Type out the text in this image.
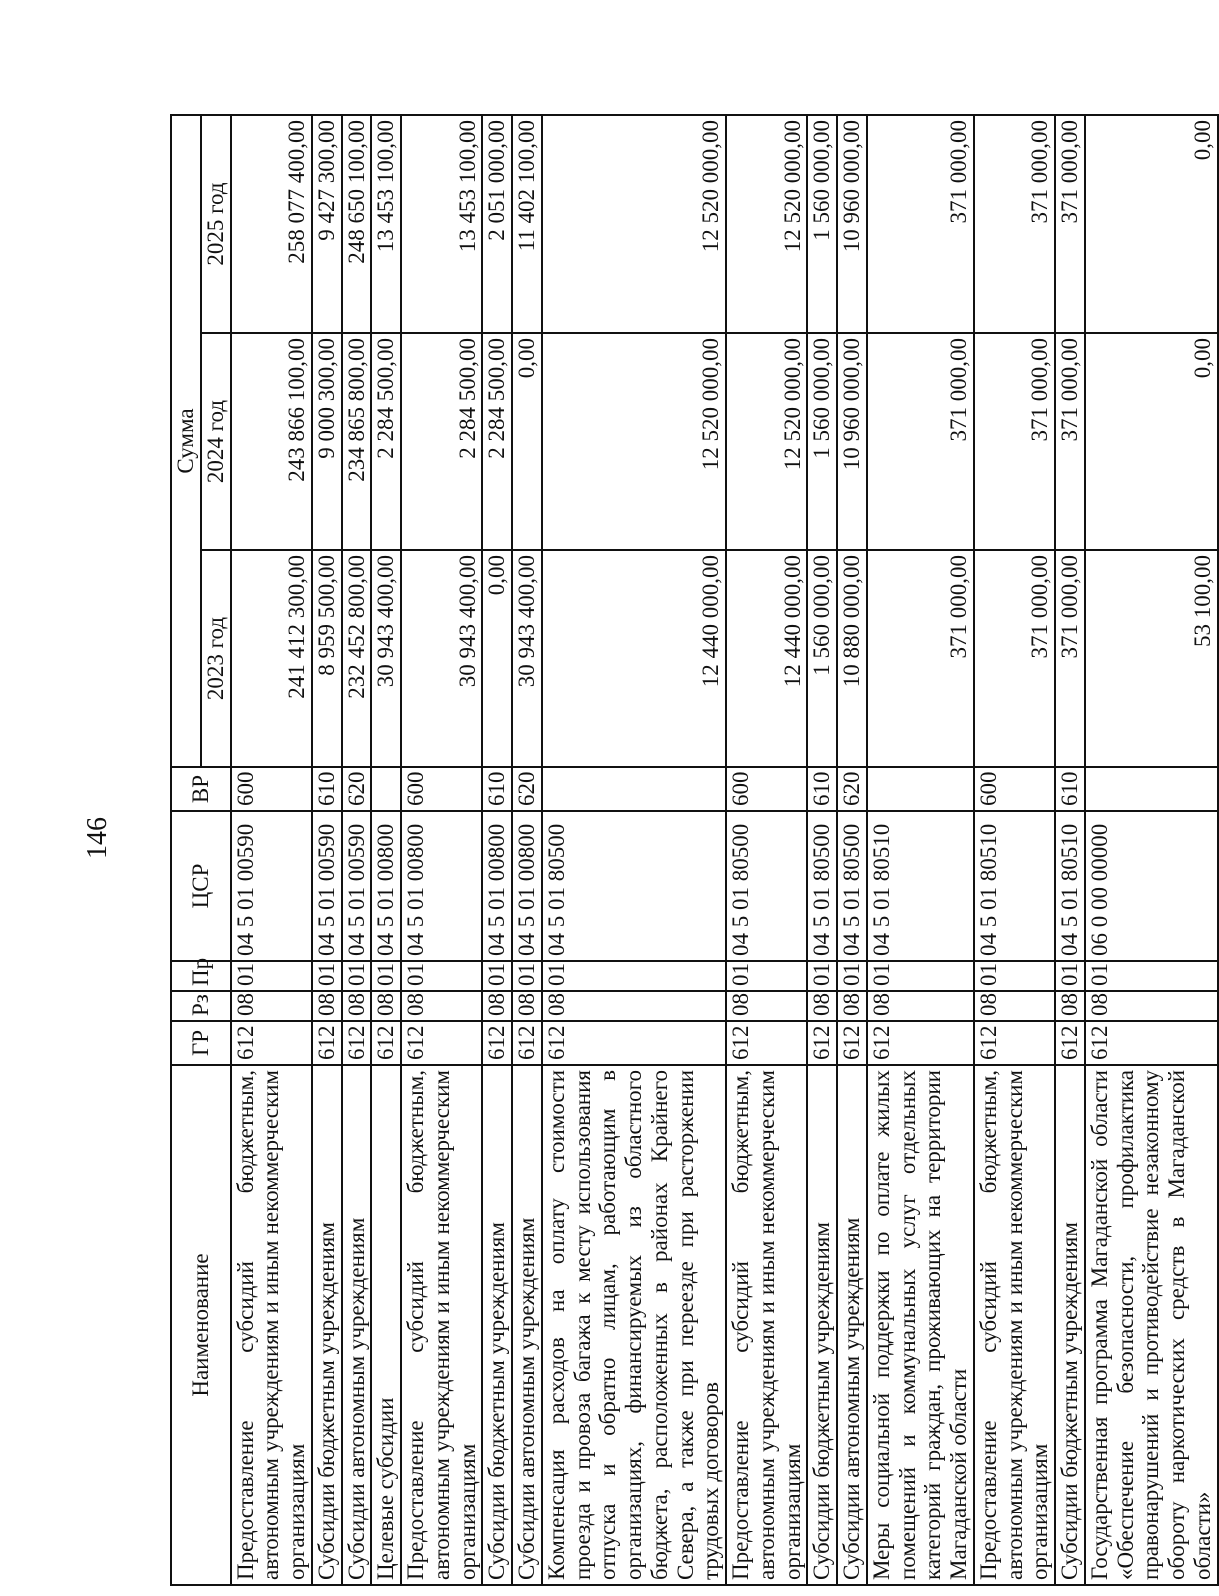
146
Наименование	ГР	Рз	Пр	ЦСР	ВР	Сумма		
						2023 год	2024 год	2025 год
Предоставление субсидий бюджетным, автономным учреждениям и иным некоммерческим организациям	612	08	01	04 5 01 00590	600	241 412 300,00	243 866 100,00	258 077 400,00
Субсидии бюджетным учреждениям	612	08	01	04 5 01 00590	610	8 959 500,00	9 000 300,00	9 427 300,00
Субсидии автономным учреждениям	612	08	01	04 5 01 00590	620	232 452 800,00	234 865 800,00	248 650 100,00
Целевые субсидии	612	08	01	04 5 01 00800		30 943 400,00	2 284 500,00	13 453 100,00
Предоставление субсидий бюджетным, автономным учреждениям и иным некоммерческим организациям	612	08	01	04 5 01 00800	600	30 943 400,00	2 284 500,00	13 453 100,00
Субсидии бюджетным учреждениям	612	08	01	04 5 01 00800	610	0,00	2 284 500,00	2 051 000,00
Субсидии автономным учреждениям	612	08	01	04 5 01 00800	620	30 943 400,00	0,00	11 402 100,00
Компенсация расходов на оплату стоимости проезда и провоза багажа к месту использования отпуска и обратно лицам, работающим в организациях, финансируемых из областного бюджета, расположенных в районах Крайнего Севера, а также при переезде при расторжении трудовых договоров	612	08	01	04 5 01 80500		12 440 000,00	12 520 000,00	12 520 000,00
Предоставление субсидий бюджетным, автономным учреждениям и иным некоммерческим организациям	612	08	01	04 5 01 80500	600	12 440 000,00	12 520 000,00	12 520 000,00
Субсидии бюджетным учреждениям	612	08	01	04 5 01 80500	610	1 560 000,00	1 560 000,00	1 560 000,00
Субсидии автономным учреждениям	612	08	01	04 5 01 80500	620	10 880 000,00	10 960 000,00	10 960 000,00
Меры социальной поддержки по оплате жилых помещений и коммунальных услуг отдельных категорий граждан, проживающих на территории Магаданской области	612	08	01	04 5 01 80510		371 000,00	371 000,00	371 000,00
Предоставление субсидий бюджетным, автономным учреждениям и иным некоммерческим организациям	612	08	01	04 5 01 80510	600	371 000,00	371 000,00	371 000,00
Субсидии бюджетным учреждениям	612	08	01	04 5 01 80510	610	371 000,00	371 000,00	371 000,00
Государственная программа Магаданской области «Обеспечение безопасности, профилактика правонарушений и противодействие незаконному обороту наркотических средств в Магаданской области»	612	08	01	06 0 00 00000		53 100,00	0,00	0,00
